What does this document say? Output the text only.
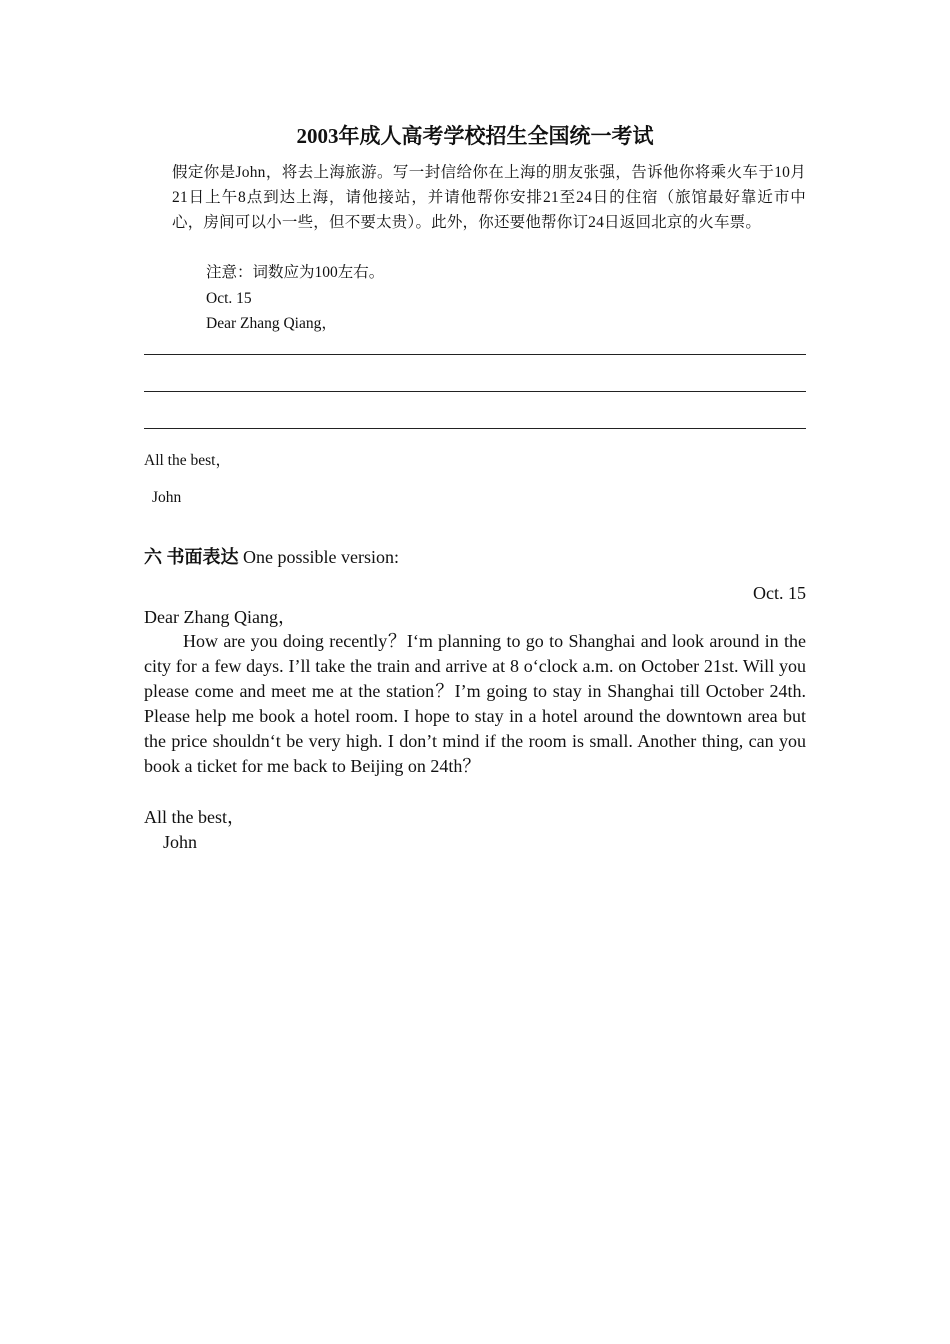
2003年成人高考学校招生全国统一考试
假定你是John，将去上海旅游。写一封信给你在上海的朋友张强，告诉他你将乘火车于10月21日上午8点到达上海，请他接站，并请他帮你安排21至24日的住宿（旅馆最好靠近市中心，房间可以小一些，但不要太贵）。此外，你还要他帮你订24日返回北京的火车票。
注意：词数应为100左右。
Oct. 15
Dear Zhang Qiang，
All the best，
John
六 书面表达 One possible version:
Oct. 15
Dear Zhang Qiang，

How are you doing recently？I‘m planning to go to Shanghai and look around in the city for a few days. I’ll take the train and arrive at 8 o‘clock a.m. on October 21st. Will you please come and meet me at the station？I’m going to stay in Shanghai till October 24th. Please help me book a hotel room. I hope to stay in a hotel around the downtown area but the price shouldn‘t be very high. I don’t mind if the room is small. Another thing, can you book a ticket for me back to Beijing on 24th？

All the best，
John
